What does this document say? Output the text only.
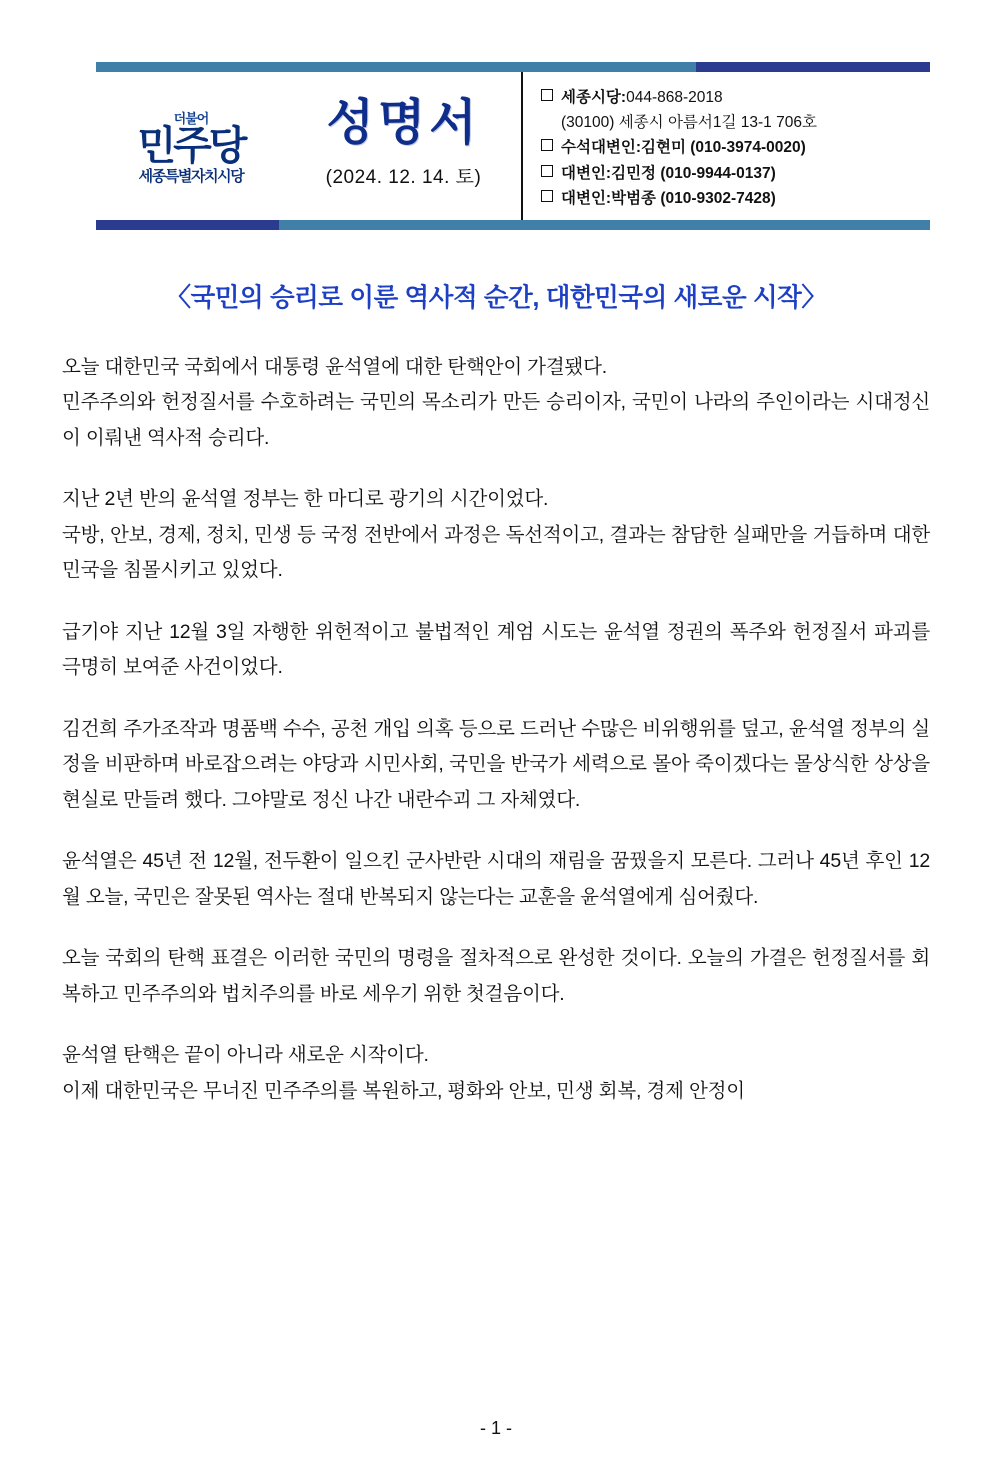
더불어
민주당
세종특별자치시당
성명서
(2024. 12. 14. 토)
세종시당 : 044-868-2018
(30100) 세종시 아름서1길 13-1 706호
수석대변인 : 김현미 (010-3974-0020)
대변인 : 김민정 (010-9944-0137)
대변인 : 박범종 (010-9302-7428)
〈국민의 승리로 이룬 역사적 순간, 대한민국의 새로운 시작〉

오늘 대한민국 국회에서 대통령 윤석열에 대한 탄핵안이 가결됐다.
민주주의와 헌정질서를 수호하려는 국민의 목소리가 만든 승리이자, 국민이 나라의 주인이라는 시대정신이 이뤄낸 역사적 승리다.

지난 2년 반의 윤석열 정부는 한 마디로 광기의 시간이었다.
국방, 안보, 경제, 정치, 민생 등 국정 전반에서 과정은 독선적이고, 결과는 참담한 실패만을 거듭하며 대한민국을 침몰시키고 있었다.

급기야 지난 12월 3일 자행한 위헌적이고 불법적인 계엄 시도는 윤석열 정권의 폭주와 헌정질서 파괴를 극명히 보여준 사건이었다.

김건희 주가조작과 명품백 수수, 공천 개입 의혹 등으로 드러난 수많은 비위행위를 덮고, 윤석열 정부의 실정을 비판하며 바로잡으려는 야당과 시민사회, 국민을 반국가 세력으로 몰아 죽이겠다는 몰상식한 상상을 현실로 만들려 했다. 그야말로 정신 나간 내란수괴 그 자체였다.

윤석열은 45년 전 12월, 전두환이 일으킨 군사반란 시대의 재림을 꿈꿨을지 모른다. 그러나 45년 후인 12월 오늘, 국민은 잘못된 역사는 절대 반복되지 않는다는 교훈을 윤석열에게 심어줬다.

오늘 국회의 탄핵 표결은 이러한 국민의 명령을 절차적으로 완성한 것이다. 오늘의 가결은 헌정질서를 회복하고 민주주의와 법치주의를 바로 세우기 위한 첫걸음이다.

윤석열 탄핵은 끝이 아니라 새로운 시작이다.
이제 대한민국은 무너진 민주주의를 복원하고, 평화와 안보, 민생 회복, 경제 안정이

- 1 -
